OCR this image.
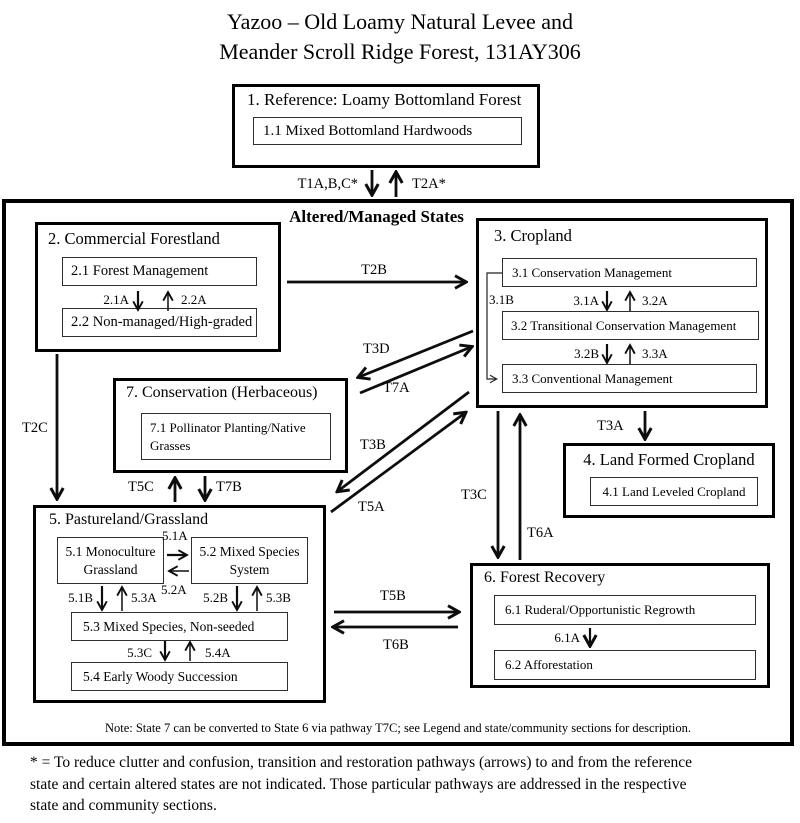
Yazoo – Old Loamy Natural Levee and
Meander Scroll Ridge Forest, 131AY306
1. Reference: Loamy Bottomland Forest
1.1 Mixed Bottomland Hardwoods
Altered/Managed States
2. Commercial Forestland
2.1 Forest Management
2.2 Non-managed/High-graded
3. Cropland
3.1 Conservation Management
3.2 Transitional Conservation Management
3.3 Conventional Management
7. Conservation (Herbaceous)
7.1 Pollinator Planting/Native Grasses
4. Land Formed Cropland
4.1 Land Leveled Cropland
5. Pastureland/Grassland
5.1 Monoculture Grassland
5.2 Mixed Species System
5.3 Mixed Species, Non-seeded
5.4 Early Woody Succession
6. Forest Recovery
6.1 Ruderal/Opportunistic Regrowth
6.2 Afforestation
Note: State 7 can be converted to State 6 via pathway T7C; see Legend and state/community sections for description.
* = To reduce clutter and confusion, transition and restoration pathways (arrows) to and from the reference
state and certain altered states are not indicated. Those particular pathways are addressed in the respective
state and community sections.
T1A,B,C*	T2A*
T2B
T2C
T3D
T7A
T3B
T5A
T3A
T3C
T6A
T5C	T7B
T5B
T6B
2.1A	2.2A	3.1A	3.2A
3.1B
3.2B	3.3A
5.1A
5.2A
5.1B	5.3A	5.2B	5.3B
5.3C	5.4A
6.1A
